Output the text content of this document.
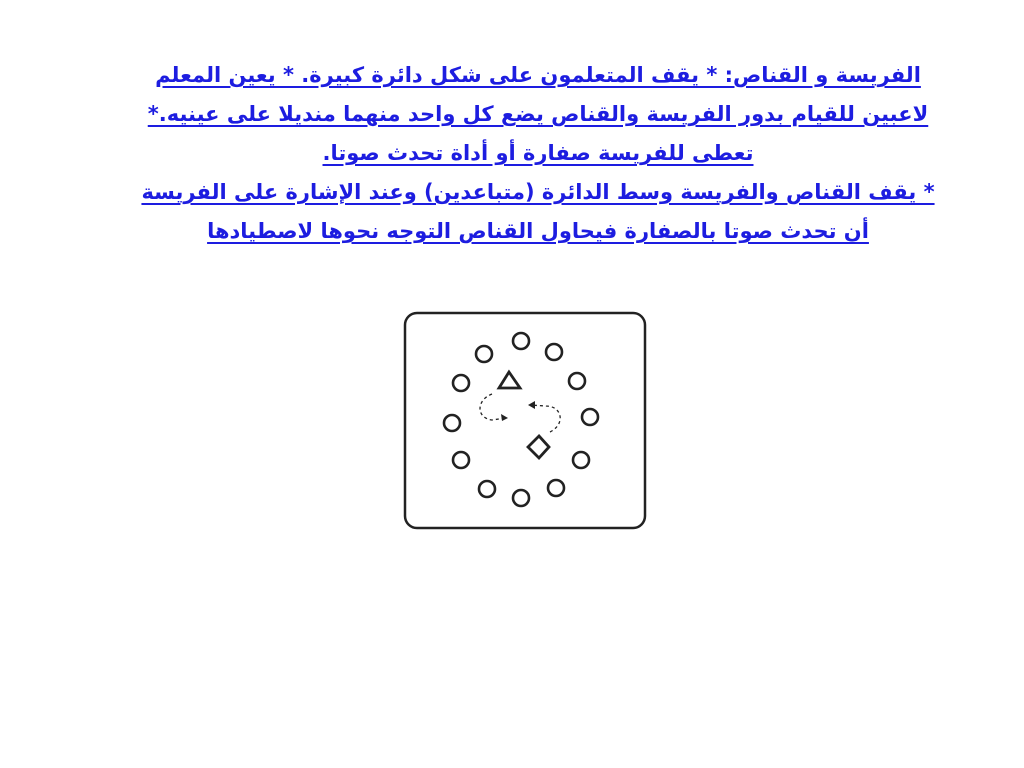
الفريسة و القناص: * يقف المتعلمون على شكل دائرة كبيرة. * يعين المعلم لاعبين للقيام بدور الفريسة والقناص يضع كل واحد منهما منديلا على عينيه.* تعطى للفريسة صفارة أو أداة تحدث صوتا.

* يقف القناص والفريسة وسط الدائرة (متباعدين) وعند الإشارة على الفريسة أن تحدث صوتا بالصفارة فيحاول القناص التوجه نحوها لاصطيادها
